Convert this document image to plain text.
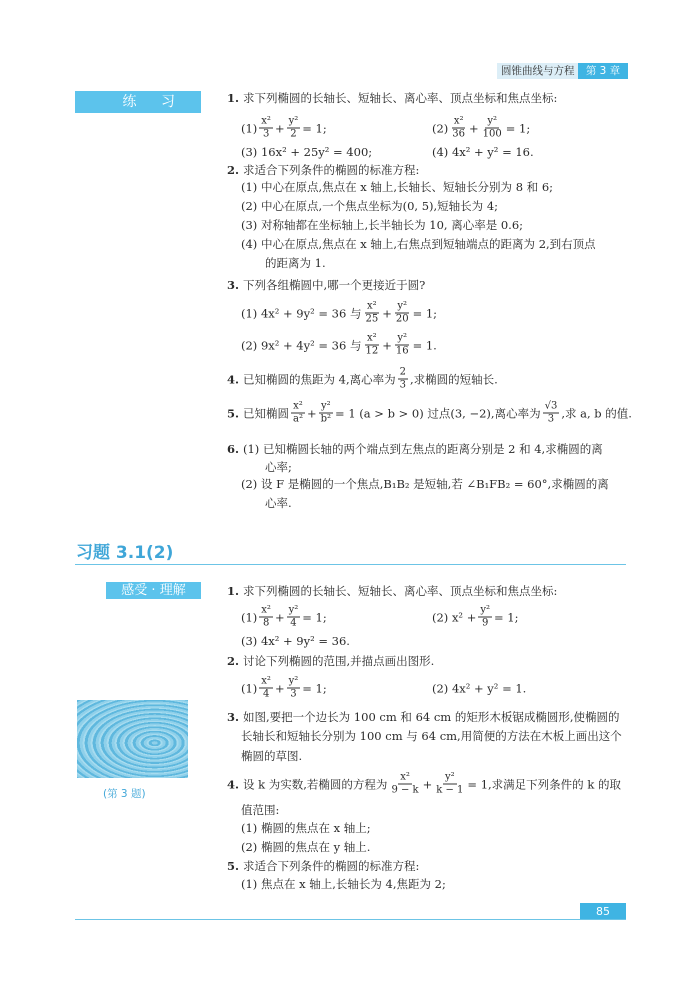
圆锥曲线与方程	第 3 章
练 习	1. 求下列椭圆的长轴长、短轴长、离心率、顶点坐标和焦点坐标:
$(1) \frac{\text{x²}}{3} + \frac{\text{y²}}{2} = 1$;	$(2) \frac{\text{x²}}{36} + \frac{\text{y²}}{100} = 1$;
(3) 16x² + 25y² = 400;	(4) 4x² + y² = 16.
2. 求适合下列条件的椭圆的标准方程:
(1) 中心在原点,焦点在 x 轴上,长轴长、短轴长分别为 8 和 6;
(2) 中心在原点,一个焦点坐标为(0, 5),短轴长为 4;
(3) 对称轴都在坐标轴上,长半轴长为 10, 离心率是 0.6;
(4) 中心在原点,焦点在 x 轴上,右焦点到短轴端点的距离为 2,到右顶点
的距离为 1.
3. 下列各组椭圆中,哪一个更接近于圆?
(1) 4x² + 9y² = 36 与 $\frac{\text{x²}}{25} + \frac{\text{y²}}{20} = 1$;
(2) 9x² + 4y² = 36 与 $\frac{\text{x²}}{12} + \frac{\text{y²}}{16} = 1$.
4. 已知椭圆的焦距为 4,离心率为 $\frac{2}{3}$ ,求椭圆的短轴长.
5. 已知椭圆 $\frac{\text{x²}}{\text{a²}} + \frac{\text{y²}}{\text{b²}} = 1$ (a > b > 0) 过点(3, −2),离心率为 $\frac{√3}{3}$ ,求 a, b 的值.
6. (1) 已知椭圆长轴的两个端点到左焦点的距离分别是 2 和 4,求椭圆的离
心率;
(2) 设 F 是椭圆的一个焦点,B₁B₂ 是短轴,若 ∠B₁FB₂ = 60°,求椭圆的离
心率.
习题 3.1(2)
感受 · 理解
(第 3 题)
1. 求下列椭圆的长轴长、短轴长、离心率、顶点坐标和焦点坐标:
$(1) \frac{\text{x²}}{8} + \frac{\text{y²}}{4} = 1$;	(2) $x^2 + \frac{\text{y²}}{9} = 1$;
(3) 4x² + 9y² = 36.
2. 讨论下列椭圆的范围,并描点画出图形.
$(1) \frac{\text{x²}}{4} + \frac{\text{y²}}{3} = 1$;	(2) 4x² + y² = 1.
3. 如图,要把一个边长为 100 cm 和 64 cm 的矩形木板锯成椭圆形,使椭圆的
长轴长和短轴长分别为 100 cm 与 64 cm,用简便的方法在木板上画出这个
椭圆的草图.
4. 设 k 为实数,若椭圆的方程为 $\frac{\text{x²}}{9 - k} + \frac{\text{y²}}{k - 1} = 1$,求满足下列条件的 k 的取
值范围:
(1) 椭圆的焦点在 x 轴上;
(2) 椭圆的焦点在 y 轴上.
5. 求适合下列条件的椭圆的标准方程:
(1) 焦点在 x 轴上,长轴长为 4,焦距为 2;
85
